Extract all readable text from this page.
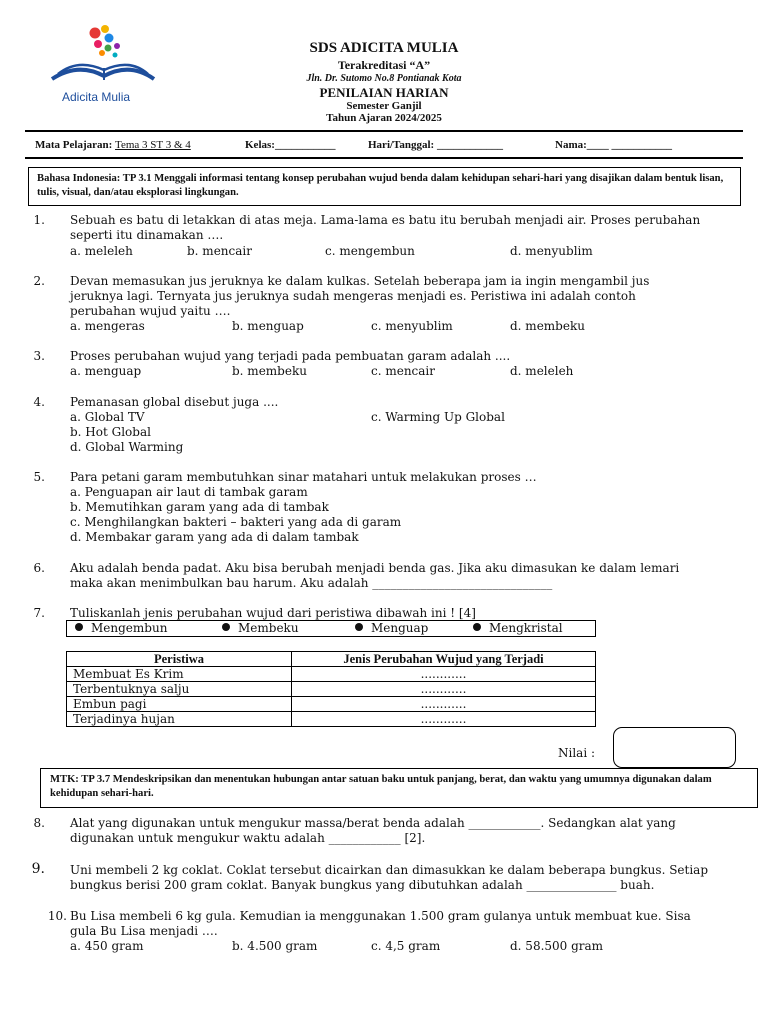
Adicita Mulia
SDS ADICITA MULIA
Terakreditasi “A”
Jln. Dr. Sutomo No.8 Pontianak Kota
PENILAIAN HARIAN
Semester Ganjil
Tahun Ajaran 2024/2025
Mata Pelajaran: Tema 3 ST 3 & 4	Kelas:___________	Hari/Tanggal: ____________	Nama:____ ___________
Bahasa Indonesia: TP 3.1 Menggali informasi tentang konsep perubahan wujud benda dalam kehidupan sehari-hari yang disajikan dalam bentuk lisan, tulis, visual, dan/atau eksplorasi lingkungan.
1. Sebuah es batu di letakkan di atas meja. Lama-lama es batu itu berubah menjadi air. Proses perubahan
seperti itu dinamakan ….
a. meleleh	b. mencair	c. mengembun	d. menyublim
2. Devan memasukan jus jeruknya ke dalam kulkas. Setelah beberapa jam ia ingin mengambil jus
jeruknya lagi. Ternyata jus jeruknya sudah mengeras menjadi es. Peristiwa ini adalah contoh
perubahan wujud yaitu ….
a. mengeras	b. menguap	c. menyublim	d. membeku
3. Proses perubahan wujud yang terjadi pada pembuatan garam adalah ....
a. menguap	b. membeku	c. mencair	d. meleleh
4. Pemanasan global disebut juga ....
a. Global TV
b. Hot Global
c. Warming Up Global
d. Global Warming
5. Para petani garam membutuhkan sinar matahari untuk melakukan proses …
a. Penguapan air laut di tambak garam
b. Memutihkan garam yang ada di tambak
c. Menghilangkan bakteri – bakteri yang ada di garam
d. Membakar garam yang ada di dalam tambak
6. Aku adalah benda padat. Aku bisa berubah menjadi benda gas. Jika aku dimasukan ke dalam lemari
maka akan menimbulkan bau harum. Aku adalah ______________________________
7. Tuliskanlah jenis perubahan wujud dari peristiwa dibawah ini ! [4]
Mengembun	Membeku	Menguap	Mengkristal
Peristiwa	Jenis Perubahan Wujud yang Terjadi
Membuat Es Krim	............
Terbentuknya salju	............
Embun pagi	............
Terjadinya hujan	............
Nilai :
MTK: TP 3.7 Mendeskripsikan dan menentukan hubungan antar satuan baku untuk panjang, berat, dan waktu yang umumnya digunakan dalam kehidupan sehari-hari.
8. Alat yang digunakan untuk mengukur massa/berat benda adalah ____________. Sedangkan alat yang
digunakan untuk mengukur waktu adalah ____________ [2].
9. Uni membeli 2 kg coklat. Coklat tersebut dicairkan dan dimasukkan ke dalam beberapa bungkus. Setiap
bungkus berisi 200 gram coklat. Banyak bungkus yang dibutuhkan adalah _______________ buah.
10. Bu Lisa membeli 6 kg gula. Kemudian ia menggunakan 1.500 gram gulanya untuk membuat kue. Sisa
gula Bu Lisa menjadi ….
a. 450 gram	b. 4.500 gram	c. 4,5 gram	d. 58.500 gram
